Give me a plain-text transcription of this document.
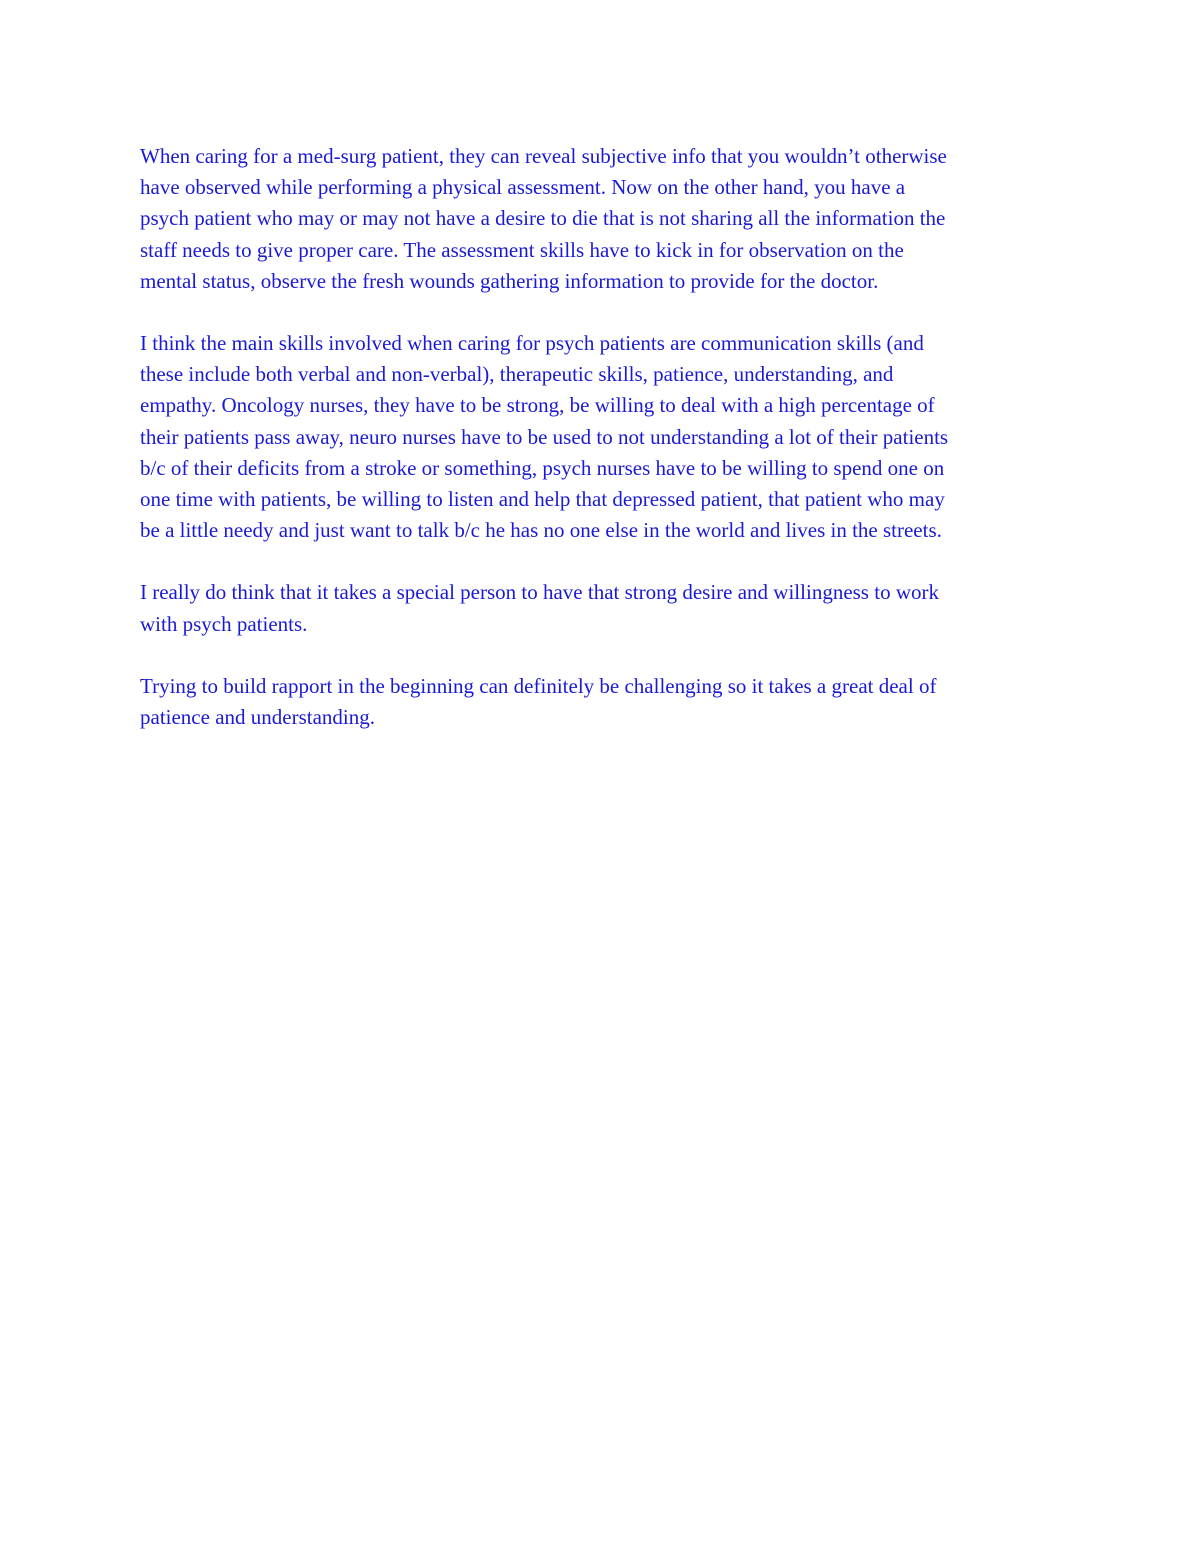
When caring for a med-surg patient, they can reveal subjective info that you wouldn’t otherwise
have observed while performing a physical assessment. Now on the other hand, you have a
psych patient who may or may not have a desire to die that is not sharing all the information the
staff needs to give proper care. The assessment skills have to kick in for observation on the
mental status, observe the fresh wounds gathering information to provide for the doctor.

I think the main skills involved when caring for psych patients are communication skills (and
these include both verbal and non-verbal), therapeutic skills, patience, understanding, and
empathy. Oncology nurses, they have to be strong, be willing to deal with a high percentage of
their patients pass away, neuro nurses have to be used to not understanding a lot of their patients
b/c of their deficits from a stroke or something, psych nurses have to be willing to spend one on
one time with patients, be willing to listen and help that depressed patient, that patient who may
be a little needy and just want to talk b/c he has no one else in the world and lives in the streets.

I really do think that it takes a special person to have that strong desire and willingness to work
with psych patients.

Trying to build rapport in the beginning can definitely be challenging so it takes a great deal of
patience and understanding.
